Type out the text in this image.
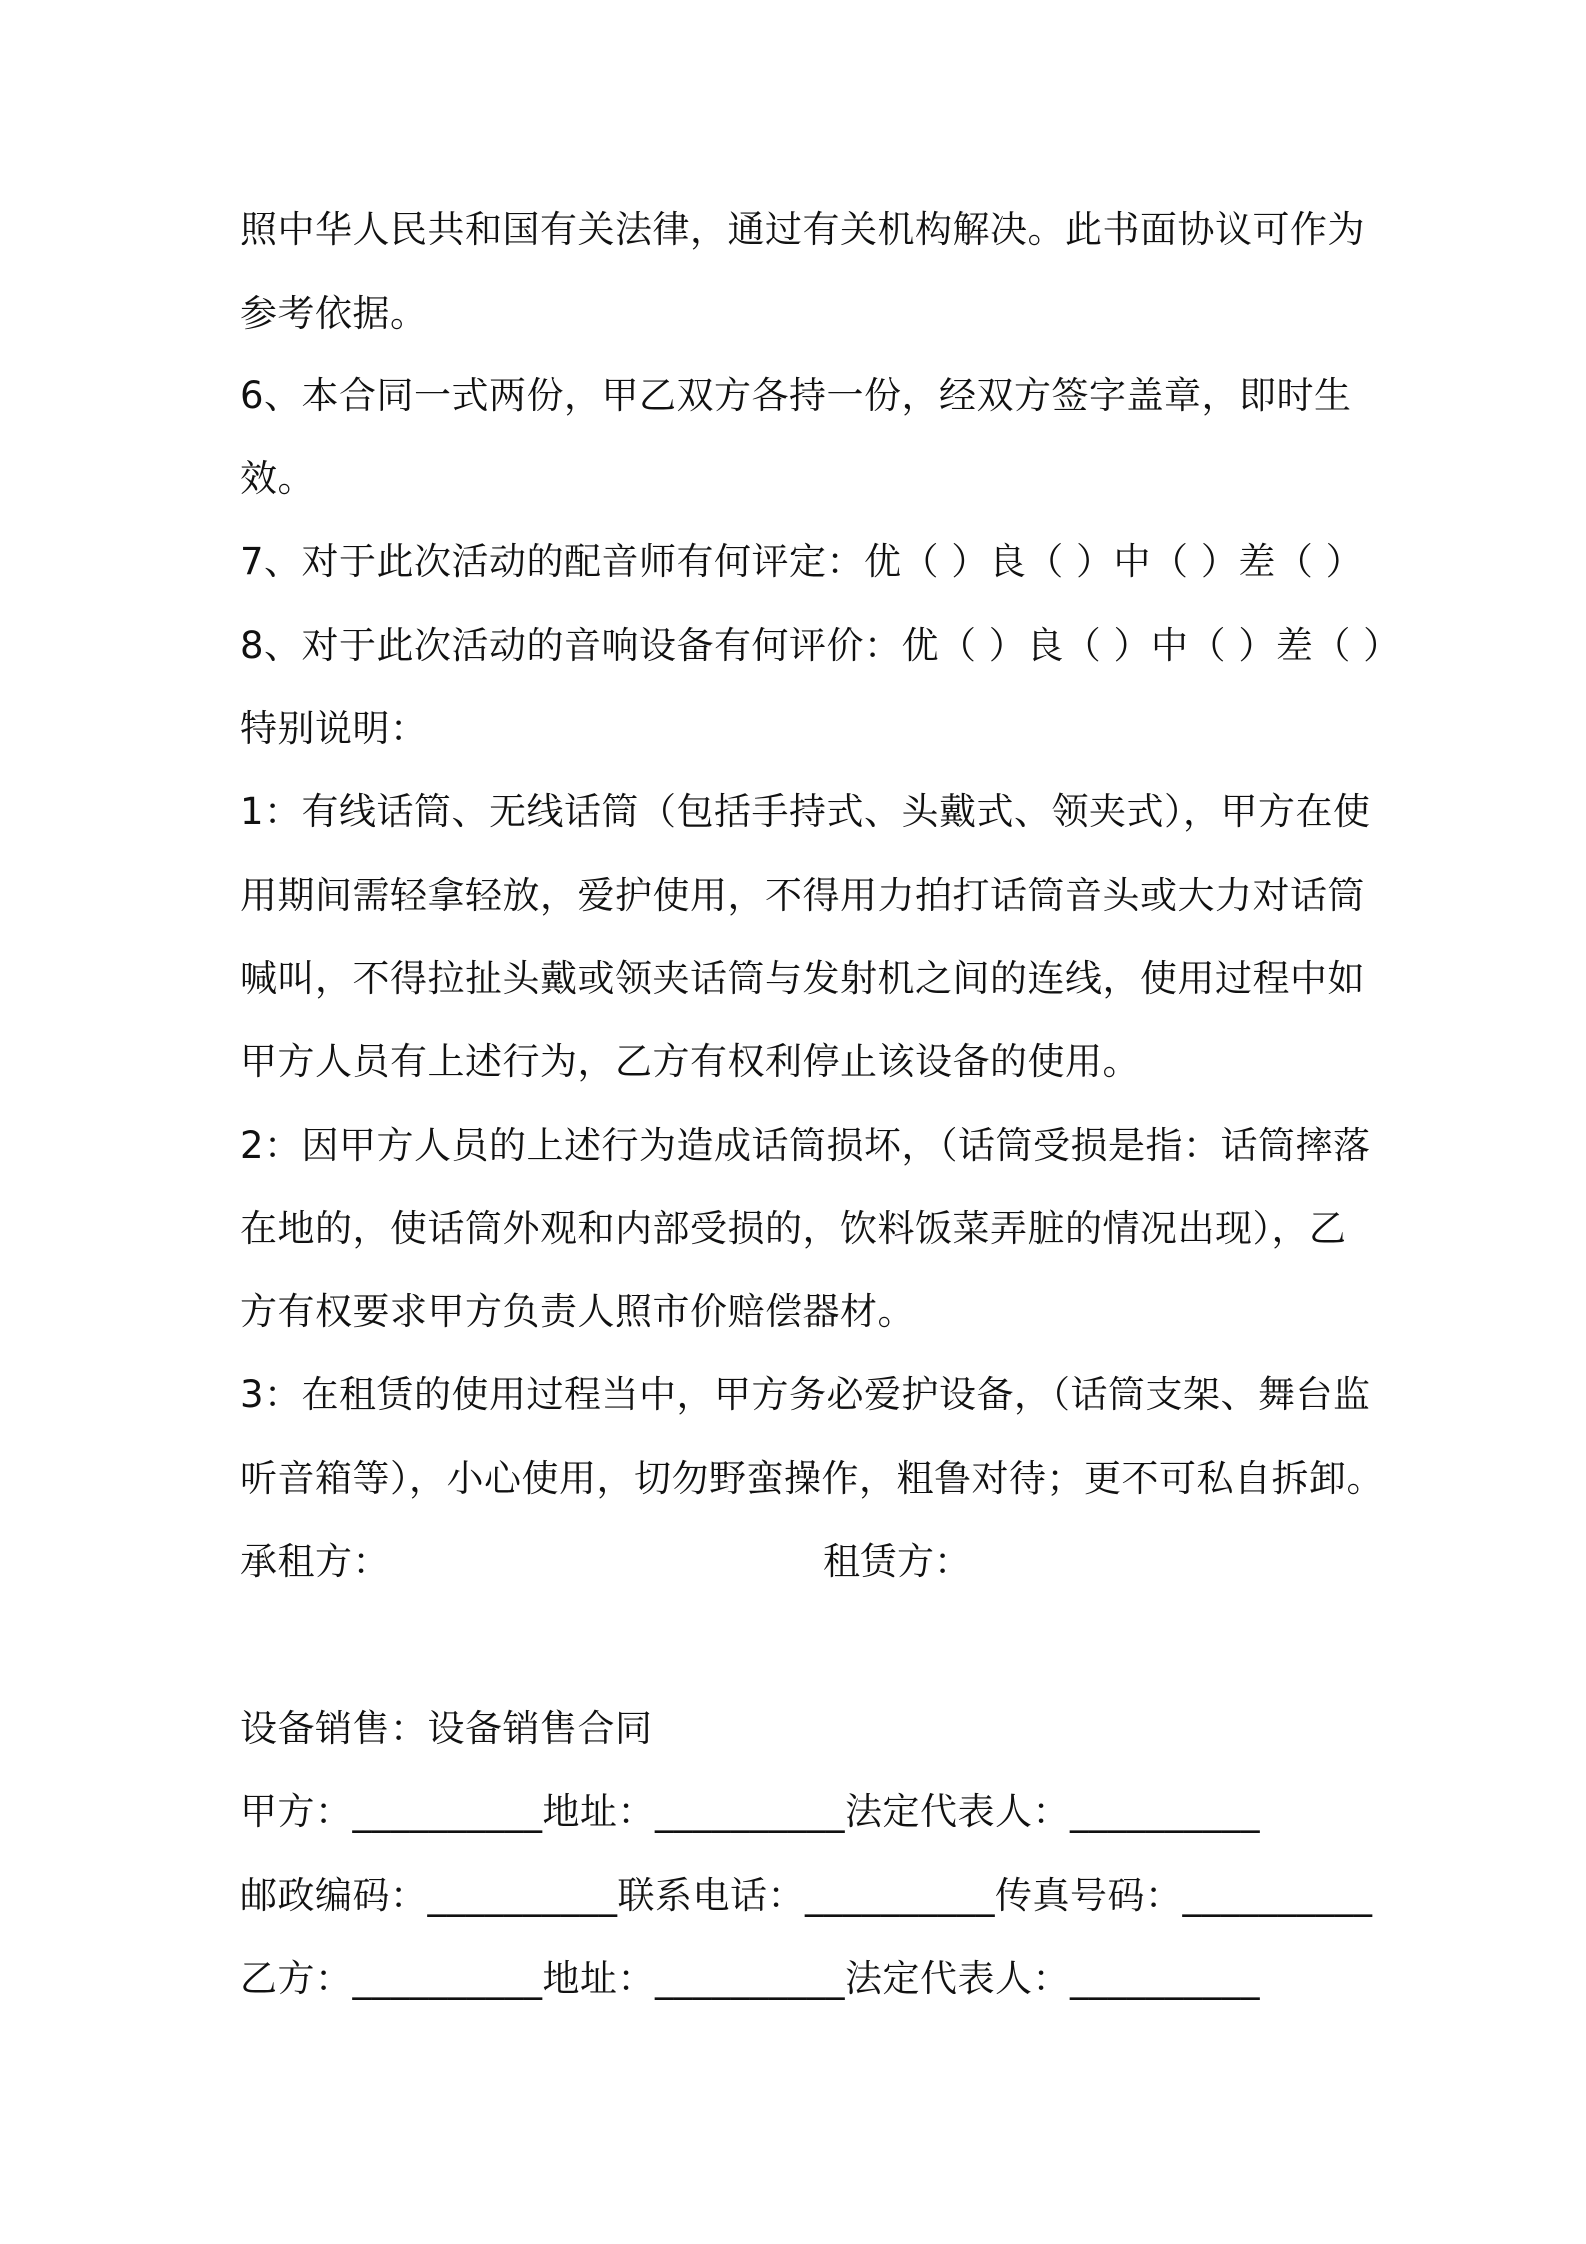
照中华人民共和国有关法律，通过有关机构解决。此书面协议可作为
参考依据。
6、本合同一式两份，甲乙双方各持一份，经双方签字盖章，即时生
效。
7、对于此次活动的配音师有何评定：优（ ）良（ ）中（ ）差（ ）
8、对于此次活动的音响设备有何评价：优（ ）良（ ）中（ ）差（ ）
特别说明：
1：有线话筒、无线话筒（包括手持式、头戴式、领夹式），甲方在使
用期间需轻拿轻放，爱护使用，不得用力拍打话筒音头或大力对话筒
喊叫，不得拉扯头戴或领夹话筒与发射机之间的连线，使用过程中如
甲方人员有上述行为，乙方有权利停止该设备的使用。
2：因甲方人员的上述行为造成话筒损坏，（话筒受损是指：话筒摔落
在地的，使话筒外观和内部受损的，饮料饭菜弄脏的情况出现），乙
方有权要求甲方负责人照市价赔偿器材。
3：在租赁的使用过程当中，甲方务必爱护设备，（话筒支架、舞台监
听音箱等），小心使用，切勿野蛮操作，粗鲁对待；更不可私自拆卸。
承租方：	租赁方：
设备销售：设备销售合同
甲方：__________地址：__________法定代表人：__________
邮政编码：__________联系电话：__________传真号码：__________
乙方：__________地址：__________法定代表人：__________
